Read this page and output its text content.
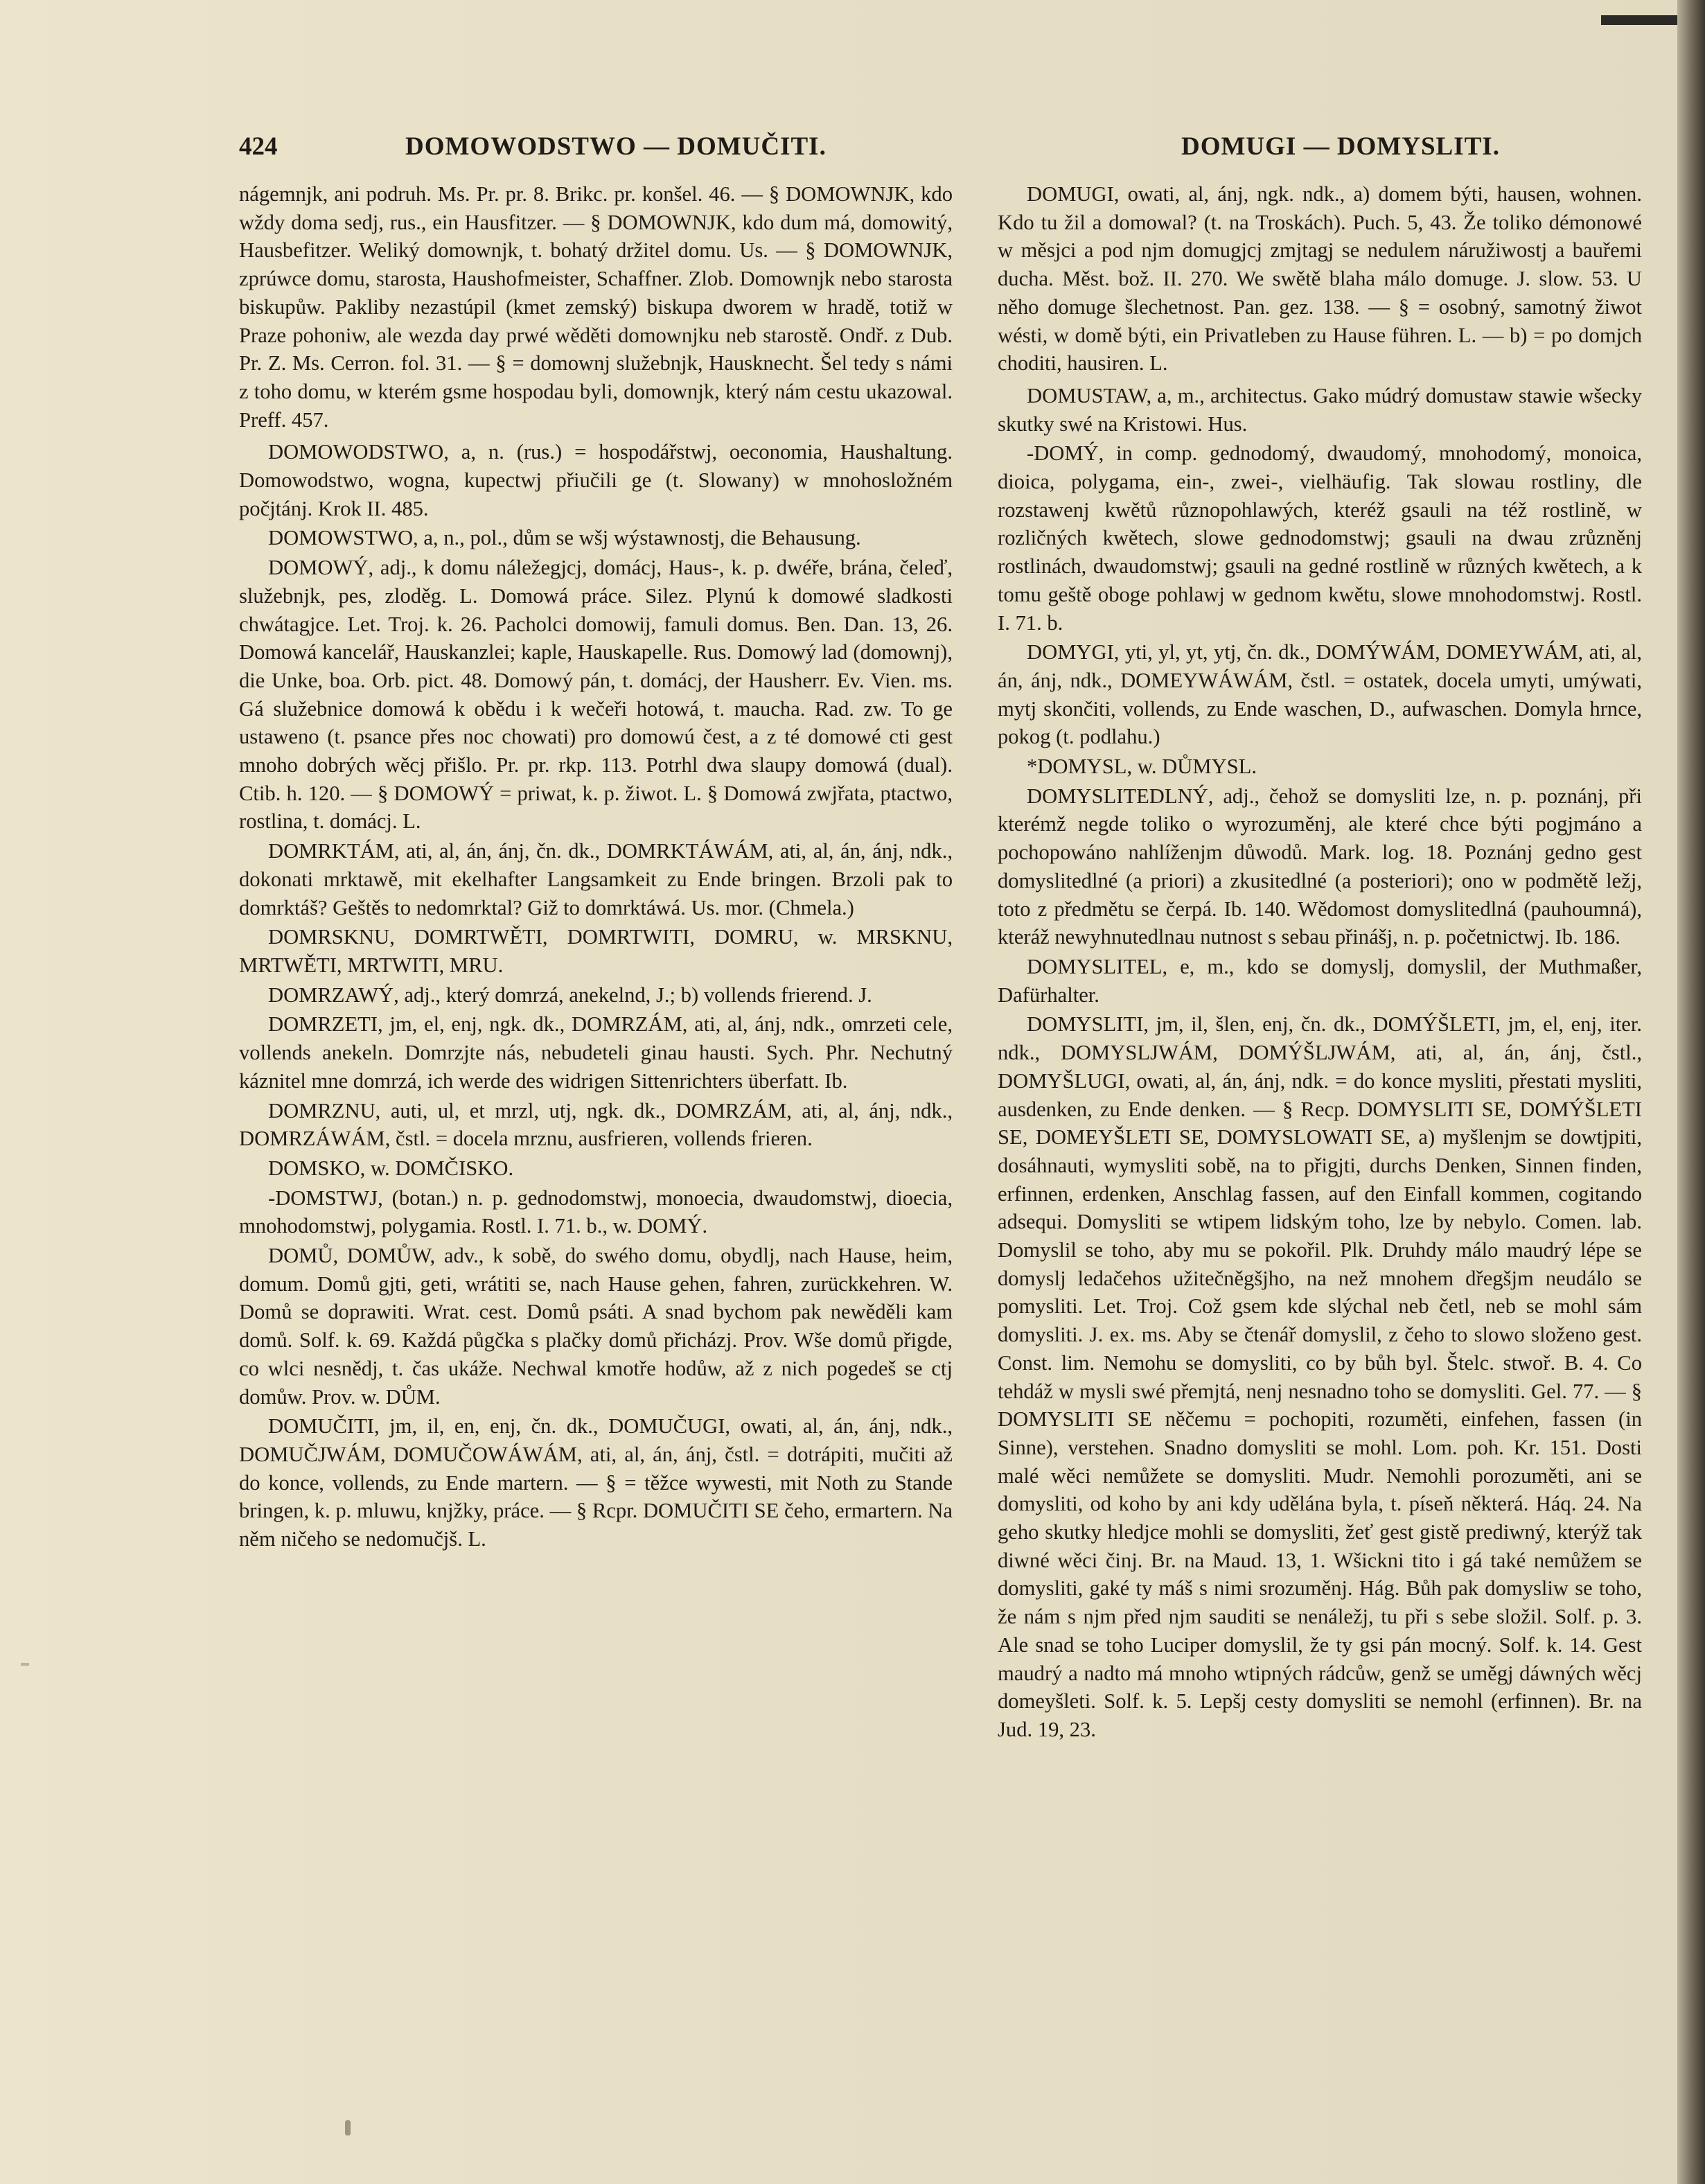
424	DOMOWODSTWO — DOMUČITI.	DOMUGI — DOMYSLITI.

nágemnjk, ani podruh. Ms. Pr. pr. 8. Brikc. pr. konšel. 46. — § DOMOWNJK, kdo wždy doma sedj, rus., ein Hausfitzer. — § DOMOWNJK, kdo dum má, domowitý, Hausbefitzer. Weliký domownjk, t. bohatý držitel domu. Us. — § DOMOWNJK, zprúwce domu, starosta, Haushofmeister, Schaffner. Zlob. Domownjk nebo starosta biskupůw. Pakliby nezastúpil (kmet zemský) biskupa dworem w hradě, totiž w Praze pohoniw, ale wezda day prwé wěděti domownjku neb starostě. Ondř. z Dub. Pr. Z. Ms. Cerron. fol. 31. — § = domownj služebnjk, Hausknecht. Šel tedy s námi z toho domu, w kterém gsme hospodau byli, domownjk, který nám cestu ukazowal. Preff. 457.

DOMOWODSTWO, a, n. (rus.) = hospodářstwj, oeconomia, Haushaltung. Domowodstwo, wogna, kupectwj přiučili ge (t. Slowany) w mnohosložném počjtánj. Krok II. 485.

DOMOWSTWO, a, n., pol., dům se wšj wýstawnostj, die Behausung.

DOMOWÝ, adj., k domu náležegjcj, domácj, Haus-, k. p. dwéře, brána, čeleď, služebnjk, pes, zloděg. L. Domowá práce. Silez. Plynú k domowé sladkosti chwátagjce. Let. Troj. k. 26. Pacholci domowij, famuli domus. Ben. Dan. 13, 26. Domowá kancelář, Hauskanzlei; kaple, Hauskapelle. Rus. Domowý lad (domownj), die Unke, boa. Orb. pict. 48. Domowý pán, t. domácj, der Hausherr. Ev. Vien. ms. Gá služebnice domowá k obědu i k wečeři hotowá, t. maucha. Rad. zw. To ge ustaweno (t. psance přes noc chowati) pro domowú čest, a z té domowé cti gest mnoho dobrých wěcj přišlo. Pr. pr. rkp. 113. Potrhl dwa slaupy domowá (dual). Ctib. h. 120. — § DOMOWÝ = priwat, k. p. žiwot. L. § Domowá zwjřata, ptactwo, rostlina, t. domácj. L.

DOMRKTÁM, ati, al, án, ánj, čn. dk., DOMRKTÁWÁM, ati, al, án, ánj, ndk., dokonati mrktawě, mit ekelhafter Langsamkeit zu Ende bringen. Brzoli pak to domrktáš? Geštěs to nedomrktal? Giž to domrktáwá. Us. mor. (Chmela.)

DOMRSKNU, DOMRTWĚTI, DOMRTWITI, DOMRU, w. MRSKNU, MRTWĚTI, MRTWITI, MRU.

DOMRZAWÝ, adj., který domrzá, anekelnd, J.; b) vollends frierend. J.

DOMRZETI, jm, el, enj, ngk. dk., DOMRZÁM, ati, al, ánj, ndk., omrzeti cele, vollends anekeln. Domrzjte nás, nebudeteli ginau hausti. Sych. Phr. Nechutný káznitel mne domrzá, ich werde des widrigen Sittenrichters überfatt. Ib.

DOMRZNU, auti, ul, et mrzl, utj, ngk. dk., DOMRZÁM, ati, al, ánj, ndk., DOMRZÁWÁM, čstl. = docela mrznu, ausfrieren, vollends frieren.

DOMSKO, w. DOMČISKO.

-DOMSTWJ, (botan.) n. p. gednodomstwj, monoecia, dwaudomstwj, dioecia, mnohodomstwj, polygamia. Rostl. I. 71. b., w. DOMÝ.

DOMŮ, DOMŮW, adv., k sobě, do swého domu, obydlj, nach Hause, heim, domum. Domů gjti, geti, wrátiti se, nach Hause gehen, fahren, zurückkehren. W. Domů se doprawiti. Wrat. cest. Domů psáti. A snad bychom pak newěděli kam domů. Solf. k. 69. Každá půgčka s plačky domů přicházj. Prov. Wše domů přigde, co wlci nesnědj, t. čas ukáže. Nechwal kmotře hodůw, až z nich pogedeš se ctj domůw. Prov. w. DŮM.

DOMUČITI, jm, il, en, enj, čn. dk., DOMUČUGI, owati, al, án, ánj, ndk., DOMUČJWÁM, DOMUČOWÁWÁM, ati, al, án, ánj, čstl. = dotrápiti, mučiti až do konce, vollends, zu Ende martern. — § = těžce wywesti, mit Noth zu Stande bringen, k. p. mluwu, knjžky, práce. — § Rcpr. DOMUČITI SE čeho, ermartern. Na něm ničeho se nedomučjš. L.

DOMUGI, owati, al, ánj, ngk. ndk., a) domem býti, hausen, wohnen. Kdo tu žil a domowal? (t. na Troskách). Puch. 5, 43. Že toliko démonowé w měsjci a pod njm domugjcj zmjtagj se nedulem náružiwostj a bauřemi ducha. Měst. bož. II. 270. We swětě blaha málo domuge. J. slow. 53. U něho domuge šlechetnost. Pan. gez. 138. — § = osobný, samotný žiwot wésti, w domě býti, ein Privatleben zu Hause führen. L. — b) = po domjch choditi, hausiren. L.

DOMUSTAW, a, m., architectus. Gako múdrý domustaw stawie wšecky skutky swé na Kristowi. Hus.

-DOMÝ, in comp. gednodomý, dwaudomý, mnohodomý, monoica, dioica, polygama, ein-, zwei-, vielhäufig. Tak slowau rostliny, dle rozstawenj kwětů různopohlawých, kteréž gsauli na též rostlině, w rozličných kwětech, slowe gednodomstwj; gsauli na dwau zrůzněnj rostlinách, dwaudomstwj; gsauli na gedné rostlině w různých kwětech, a k tomu geště oboge pohlawj w gednom kwětu, slowe mnohodomstwj. Rostl. I. 71. b.

DOMYGI, yti, yl, yt, ytj, čn. dk., DOMÝWÁM, DOMEYWÁM, ati, al, án, ánj, ndk., DOMEYWÁWÁM, čstl. = ostatek, docela umyti, umýwati, mytj skončiti, vollends, zu Ende waschen, D., aufwaschen. Domyla hrnce, pokog (t. podlahu.)

*DOMYSL, w. DŮMYSL.

DOMYSLITEDLNÝ, adj., čehož se domysliti lze, n. p. poznánj, při kterémž negde toliko o wyrozuměnj, ale které chce býti pogjmáno a pochopowáno nahlíženjm důwodů. Mark. log. 18. Poznánj gedno gest domyslitedlné (a priori) a zkusitedlné (a posteriori); ono w podmětě ležj, toto z předmětu se čerpá. Ib. 140. Wědomost domyslitedlná (pauhoumná), kteráž newyhnutedlnau nutnost s sebau přinášj, n. p. početnictwj. Ib. 186.

DOMYSLITEL, e, m., kdo se domyslj, domyslil, der Muthmaßer, Dafürhalter.

DOMYSLITI, jm, il, šlen, enj, čn. dk., DOMÝŠLETI, jm, el, enj, iter. ndk., DOMYSLJWÁM, DOMÝŠLJWÁM, ati, al, án, ánj, čstl., DOMYŠLUGI, owati, al, án, ánj, ndk. = do konce mysliti, přestati mysliti, ausdenken, zu Ende denken. — § Recp. DOMYSLITI SE, DOMÝŠLETI SE, DOMEYŠLETI SE, DOMYSLOWATI SE, a) myšlenjm se dowtjpiti, dosáhnauti, wymysliti sobě, na to přigjti, durchs Denken, Sinnen finden, erfinnen, erdenken, Anschlag fassen, auf den Einfall kommen, cogitando adsequi. Domysliti se wtipem lidským toho, lze by nebylo. Comen. lab. Domyslil se toho, aby mu se pokořil. Plk. Druhdy málo maudrý lépe se domyslj ledačehos užitečněgšjho, na než mnohem dřegšjm neudálo se pomysliti. Let. Troj. Což gsem kde slýchal neb četl, neb se mohl sám domysliti. J. ex. ms. Aby se čtenář domyslil, z čeho to slowo složeno gest. Const. lim. Nemohu se domysliti, co by bůh byl. Štelc. stwoř. B. 4. Co tehdáž w mysli swé přemjtá, nenj nesnadno toho se domysliti. Gel. 77. — § DOMYSLITI SE něčemu = pochopiti, rozuměti, einfehen, fassen (in Sinne), verstehen. Snadno domysliti se mohl. Lom. poh. Kr. 151. Dosti malé wěci nemůžete se domysliti. Mudr. Nemohli porozuměti, ani se domysliti, od koho by ani kdy udělána byla, t. píseň některá. Háq. 24. Na geho skutky hledjce mohli se domysliti, žeť gest gistě prediwný, kterýž tak diwné wěci činj. Br. na Maud. 13, 1. Wšickni tito i gá také nemůžem se domysliti, gaké ty máš s nimi srozuměnj. Hág. Bůh pak domysliw se toho, že nám s njm před njm sauditi se nenáležj, tu při s sebe složil. Solf. p. 3. Ale snad se toho Luciper domyslil, že ty gsi pán mocný. Solf. k. 14. Gest maudrý a nadto má mnoho wtipných rádcůw, genž se uměgj dáwných wěcj domeyšleti. Solf. k. 5. Lepšj cesty domysliti se nemohl (erfinnen). Br. na Jud. 19, 23.
